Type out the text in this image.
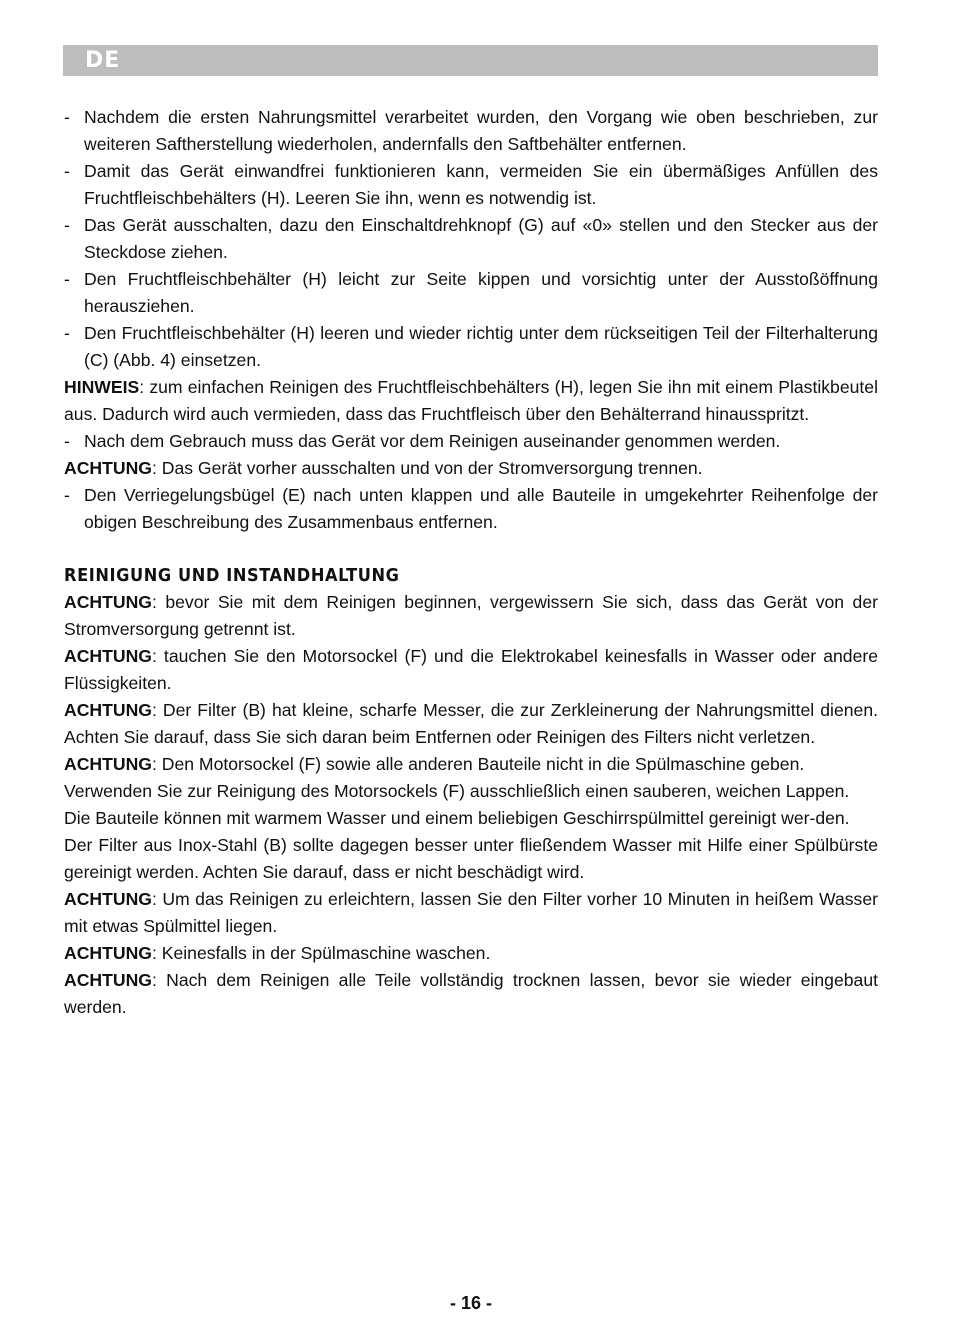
DE
- Nachdem die ersten Nahrungsmittel verarbeitet wurden, den Vorgang wie oben beschrieben, zur weiteren Saftherstellung wiederholen, andernfalls den Saftbehälter entfernen.
- Damit das Gerät einwandfrei funktionieren kann, vermeiden Sie ein übermäßiges Anfüllen des Fruchtfleischbehälters (H). Leeren Sie ihn, wenn es notwendig ist.
- Das Gerät ausschalten, dazu den Einschaltdrehknopf (G) auf «0» stellen und den Stecker aus der Steckdose ziehen.
- Den Fruchtfleischbehälter (H) leicht zur Seite kippen und vorsichtig unter der Ausstoßöffnung herausziehen.
- Den Fruchtfleischbehälter (H) leeren und wieder richtig unter dem rückseitigen Teil der Filterhalterung (C) (Abb. 4) einsetzen.

HINWEIS: zum einfachen Reinigen des Fruchtfleischbehälters (H), legen Sie ihn mit einem Plastikbeutel aus. Dadurch wird auch vermieden, dass das Fruchtfleisch über den Behälterrand hinausspritzt.

- Nach dem Gebrauch muss das Gerät vor dem Reinigen auseinander genommen werden.

ACHTUNG: Das Gerät vorher ausschalten und von der Stromversorgung trennen.

- Den Verriegelungsbügel (E) nach unten klappen und alle Bauteile in umgekehrter Reihenfolge der obigen Beschreibung des Zusammenbaus entfernen.
REINIGUNG UND INSTANDHALTUNG

ACHTUNG: bevor Sie mit dem Reinigen beginnen, vergewissern Sie sich, dass das Gerät von der Stromversorgung getrennt ist.

ACHTUNG: tauchen Sie den Motorsockel (F) und die Elektrokabel keinesfalls in Wasser oder andere Flüssigkeiten.

ACHTUNG: Der Filter (B) hat kleine, scharfe Messer, die zur Zerkleinerung der Nahrungsmittel dienen. Achten Sie darauf, dass Sie sich daran beim Entfernen oder Reinigen des Filters nicht verletzen.

ACHTUNG: Den Motorsockel (F) sowie alle anderen Bauteile nicht in die Spülmaschine geben.

Verwenden Sie zur Reinigung des Motorsockels (F) ausschließlich einen sauberen, weichen Lappen.

Die Bauteile können mit warmem Wasser und einem beliebigen Geschirrspülmittel gereinigt wer-den.

Der Filter aus Inox-Stahl (B) sollte dagegen besser unter fließendem Wasser mit Hilfe einer Spülbürste gereinigt werden. Achten Sie darauf, dass er nicht beschädigt wird.

ACHTUNG: Um das Reinigen zu erleichtern, lassen Sie den Filter vorher 10 Minuten in heißem Wasser mit etwas Spülmittel liegen.

ACHTUNG: Keinesfalls in der Spülmaschine waschen.

ACHTUNG: Nach dem Reinigen alle Teile vollständig trocknen lassen, bevor sie wieder eingebaut werden.

- 16 -
